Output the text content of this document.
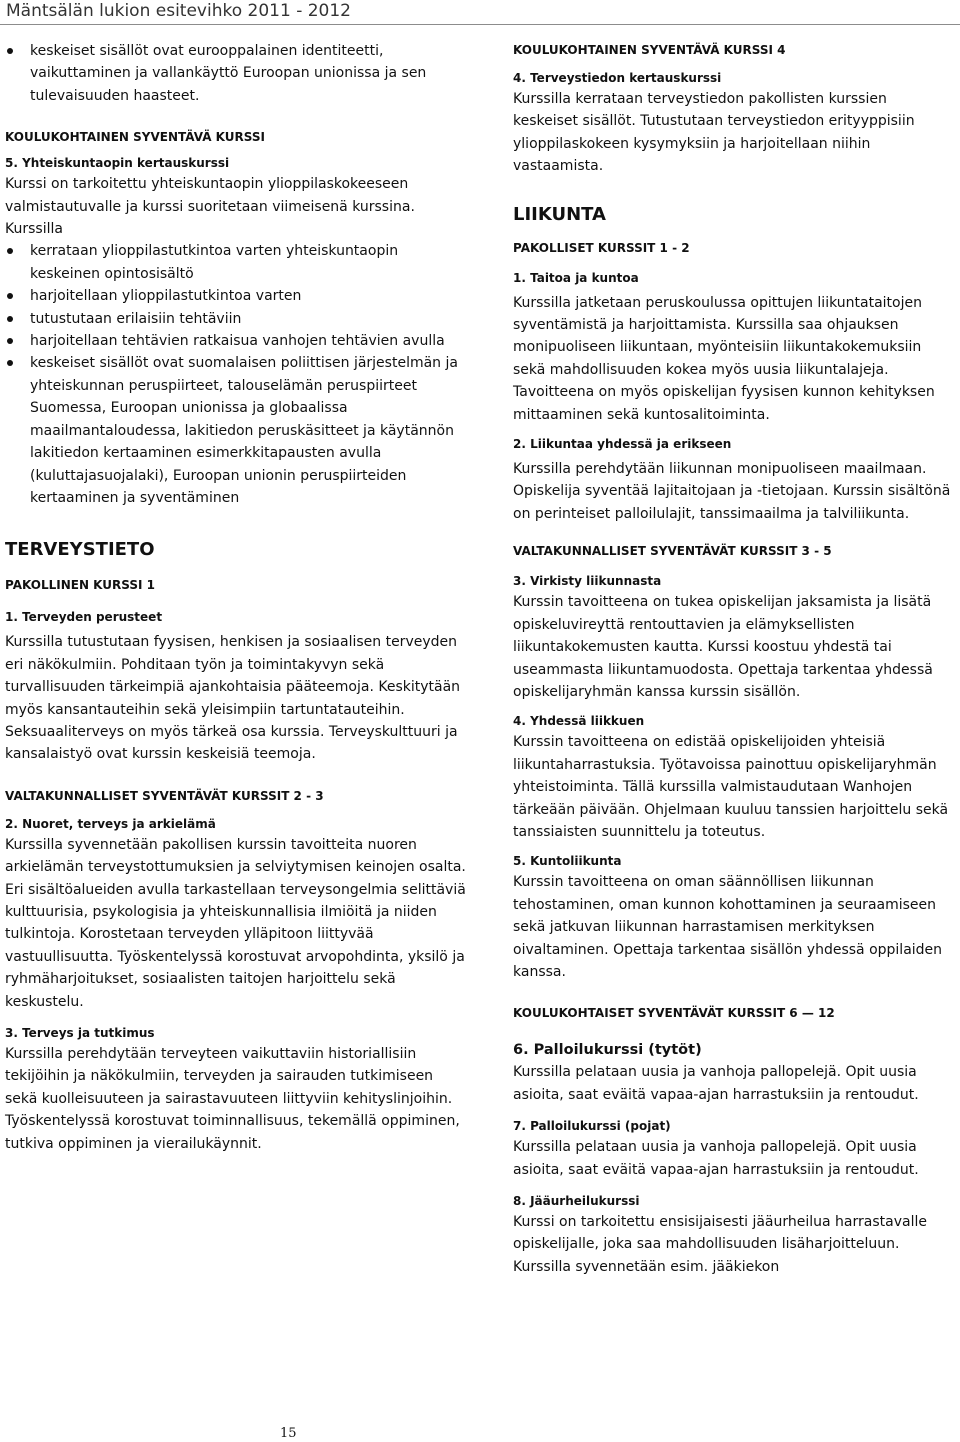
Mäntsälän lukion esitevihko 2011 - 2012
keskeiset sisällöt ovat eurooppalainen identiteetti, vaikuttaminen ja vallankäyttö Euroopan unionissa ja sen tulevaisuuden haasteet.

KOULUKOHTAINEN SYVENTÄVÄ KURSSI

5. Yhteiskuntaopin kertauskurssi

Kurssi on tarkoitettu yhteiskuntaopin ylioppilaskokeeseen valmistautuvalle ja kurssi suoritetaan viimeisenä kurssina. Kurssilla

kerrataan ylioppilastutkintoa varten yhteiskuntaopin keskeinen opintosisältö
harjoitellaan ylioppilastutkintoa varten
tutustutaan erilaisiin tehtäviin
harjoitellaan tehtävien ratkaisua vanhojen tehtävien avulla
keskeiset sisällöt ovat suomalaisen poliittisen järjestelmän ja yhteiskunnan peruspiirteet, talouselämän peruspiirteet Suomessa, Euroopan unionissa ja globaalissa maailmantaloudessa, lakitiedon peruskäsitteet ja käytännön lakitiedon kertaaminen esimerkkitapausten avulla (kuluttajasuojalaki), Euroopan unionin peruspiirteiden kertaaminen ja syventäminen

TERVEYSTIETO

PAKOLLINEN KURSSI 1

1. Terveyden perusteet

Kurssilla tutustutaan fyysisen, henkisen ja sosiaalisen terveyden eri näkökulmiin. Pohditaan työn ja toimintakyvyn sekä turvallisuuden tärkeimpiä ajankohtaisia pääteemoja. Keskitytään myös kansantauteihin sekä yleisimpiin tartuntatauteihin. Seksuaaliterveys on myös tärkeä osa kurssia. Terveyskulttuuri ja kansalaistyö ovat kurssin keskeisiä teemoja.

VALTAKUNNALLISET SYVENTÄVÄT KURSSIT 2 - 3

2. Nuoret, terveys ja arkielämä

Kurssilla syvennetään pakollisen kurssin tavoitteita nuoren arkielämän terveystottumuksien ja selviytymisen keinojen osalta. Eri sisältöalueiden avulla tarkastellaan terveysongelmia selittäviä kulttuurisia, psykologisia ja yhteiskunnallisia ilmiöitä ja niiden tulkintoja. Korostetaan terveyden ylläpitoon liittyvää vastuullisuutta. Työskentelyssä korostuvat arvopohdinta, yksilö ja ryhmäharjoitukset, sosiaalisten taitojen harjoittelu sekä keskustelu.

3. Terveys ja tutkimus

Kurssilla perehdytään terveyteen vaikuttaviin historiallisiin tekijöihin ja näkökulmiin, terveyden ja sairauden tutkimiseen sekä kuolleisuuteen ja sairastavuuteen liittyviin kehityslinjoihin. Työskentelyssä korostuvat toiminnallisuus, tekemällä oppiminen, tutkiva oppiminen ja vierailukäynnit.

KOULUKOHTAINEN SYVENTÄVÄ KURSSI 4

4. Terveystiedon kertauskurssi

Kurssilla kerrataan terveystiedon pakollisten kurssien keskeiset sisällöt. Tutustutaan terveystiedon erityyppisiin ylioppilaskokeen kysymyksiin ja harjoitellaan niihin vastaamista.

LIIKUNTA

PAKOLLISET KURSSIT 1 - 2

1. Taitoa ja kuntoa

Kurssilla jatketaan peruskoulussa opittujen liikuntataitojen syventämistä ja harjoittamista. Kurssilla saa ohjauksen monipuoliseen liikuntaan, myönteisiin liikuntakokemuksiin sekä mahdollisuuden kokea myös uusia liikuntalajeja. Tavoitteena on myös opiskelijan fyysisen kunnon kehityksen mittaaminen sekä kuntosalitoiminta.

2. Liikuntaa yhdessä ja erikseen

Kurssilla perehdytään liikunnan monipuoliseen maailmaan. Opiskelija syventää lajitaitojaan ja -tietojaan. Kurssin sisältönä on perinteiset palloilulajit, tanssimaailma ja talviliikunta.

VALTAKUNNALLISET SYVENTÄVÄT KURSSIT 3 - 5

3. Virkisty liikunnasta

Kurssin tavoitteena on tukea opiskelijan jaksamista ja lisätä opiskeluvireyttä rentouttavien ja elämyksellisten liikuntakokemusten kautta. Kurssi koostuu yhdestä tai useammasta liikuntamuodosta. Opettaja tarkentaa yhdessä opiskelijaryhmän kanssa kurssin sisällön.

4. Yhdessä liikkuen

Kurssin tavoitteena on edistää opiskelijoiden yhteisiä liikuntaharrastuksia. Työtavoissa painottuu opiskelijaryhmän yhteistoiminta. Tällä kurssilla valmistaudutaan Wanhojen tärkeään päivään. Ohjelmaan kuuluu tanssien harjoittelu sekä tanssiaisten suunnittelu ja toteutus.

5. Kuntoliikunta

Kurssin tavoitteena on oman säännöllisen liikunnan tehostaminen, oman kunnon kohottaminen ja seuraamiseen sekä jatkuvan liikunnan harrastamisen merkityksen oivaltaminen. Opettaja tarkentaa sisällön yhdessä oppilaiden kanssa.

KOULUKOHTAISET SYVENTÄVÄT KURSSIT 6 — 12

6. Palloilukurssi (tytöt)

Kurssilla pelataan uusia ja vanhoja pallopelejä. Opit uusia asioita, saat eväitä vapaa-ajan harrastuksiin ja rentoudut.

7. Palloilukurssi (pojat)

Kurssilla pelataan uusia ja vanhoja pallopelejä. Opit uusia asioita, saat eväitä vapaa-ajan harrastuksiin ja rentoudut.

8. Jääurheilukurssi

Kurssi on tarkoitettu ensisijaisesti jääurheilua harrastavalle opiskelijalle, joka saa mahdollisuuden lisäharjoitteluun. Kurssilla syvennetään esim. jääkiekon

15
